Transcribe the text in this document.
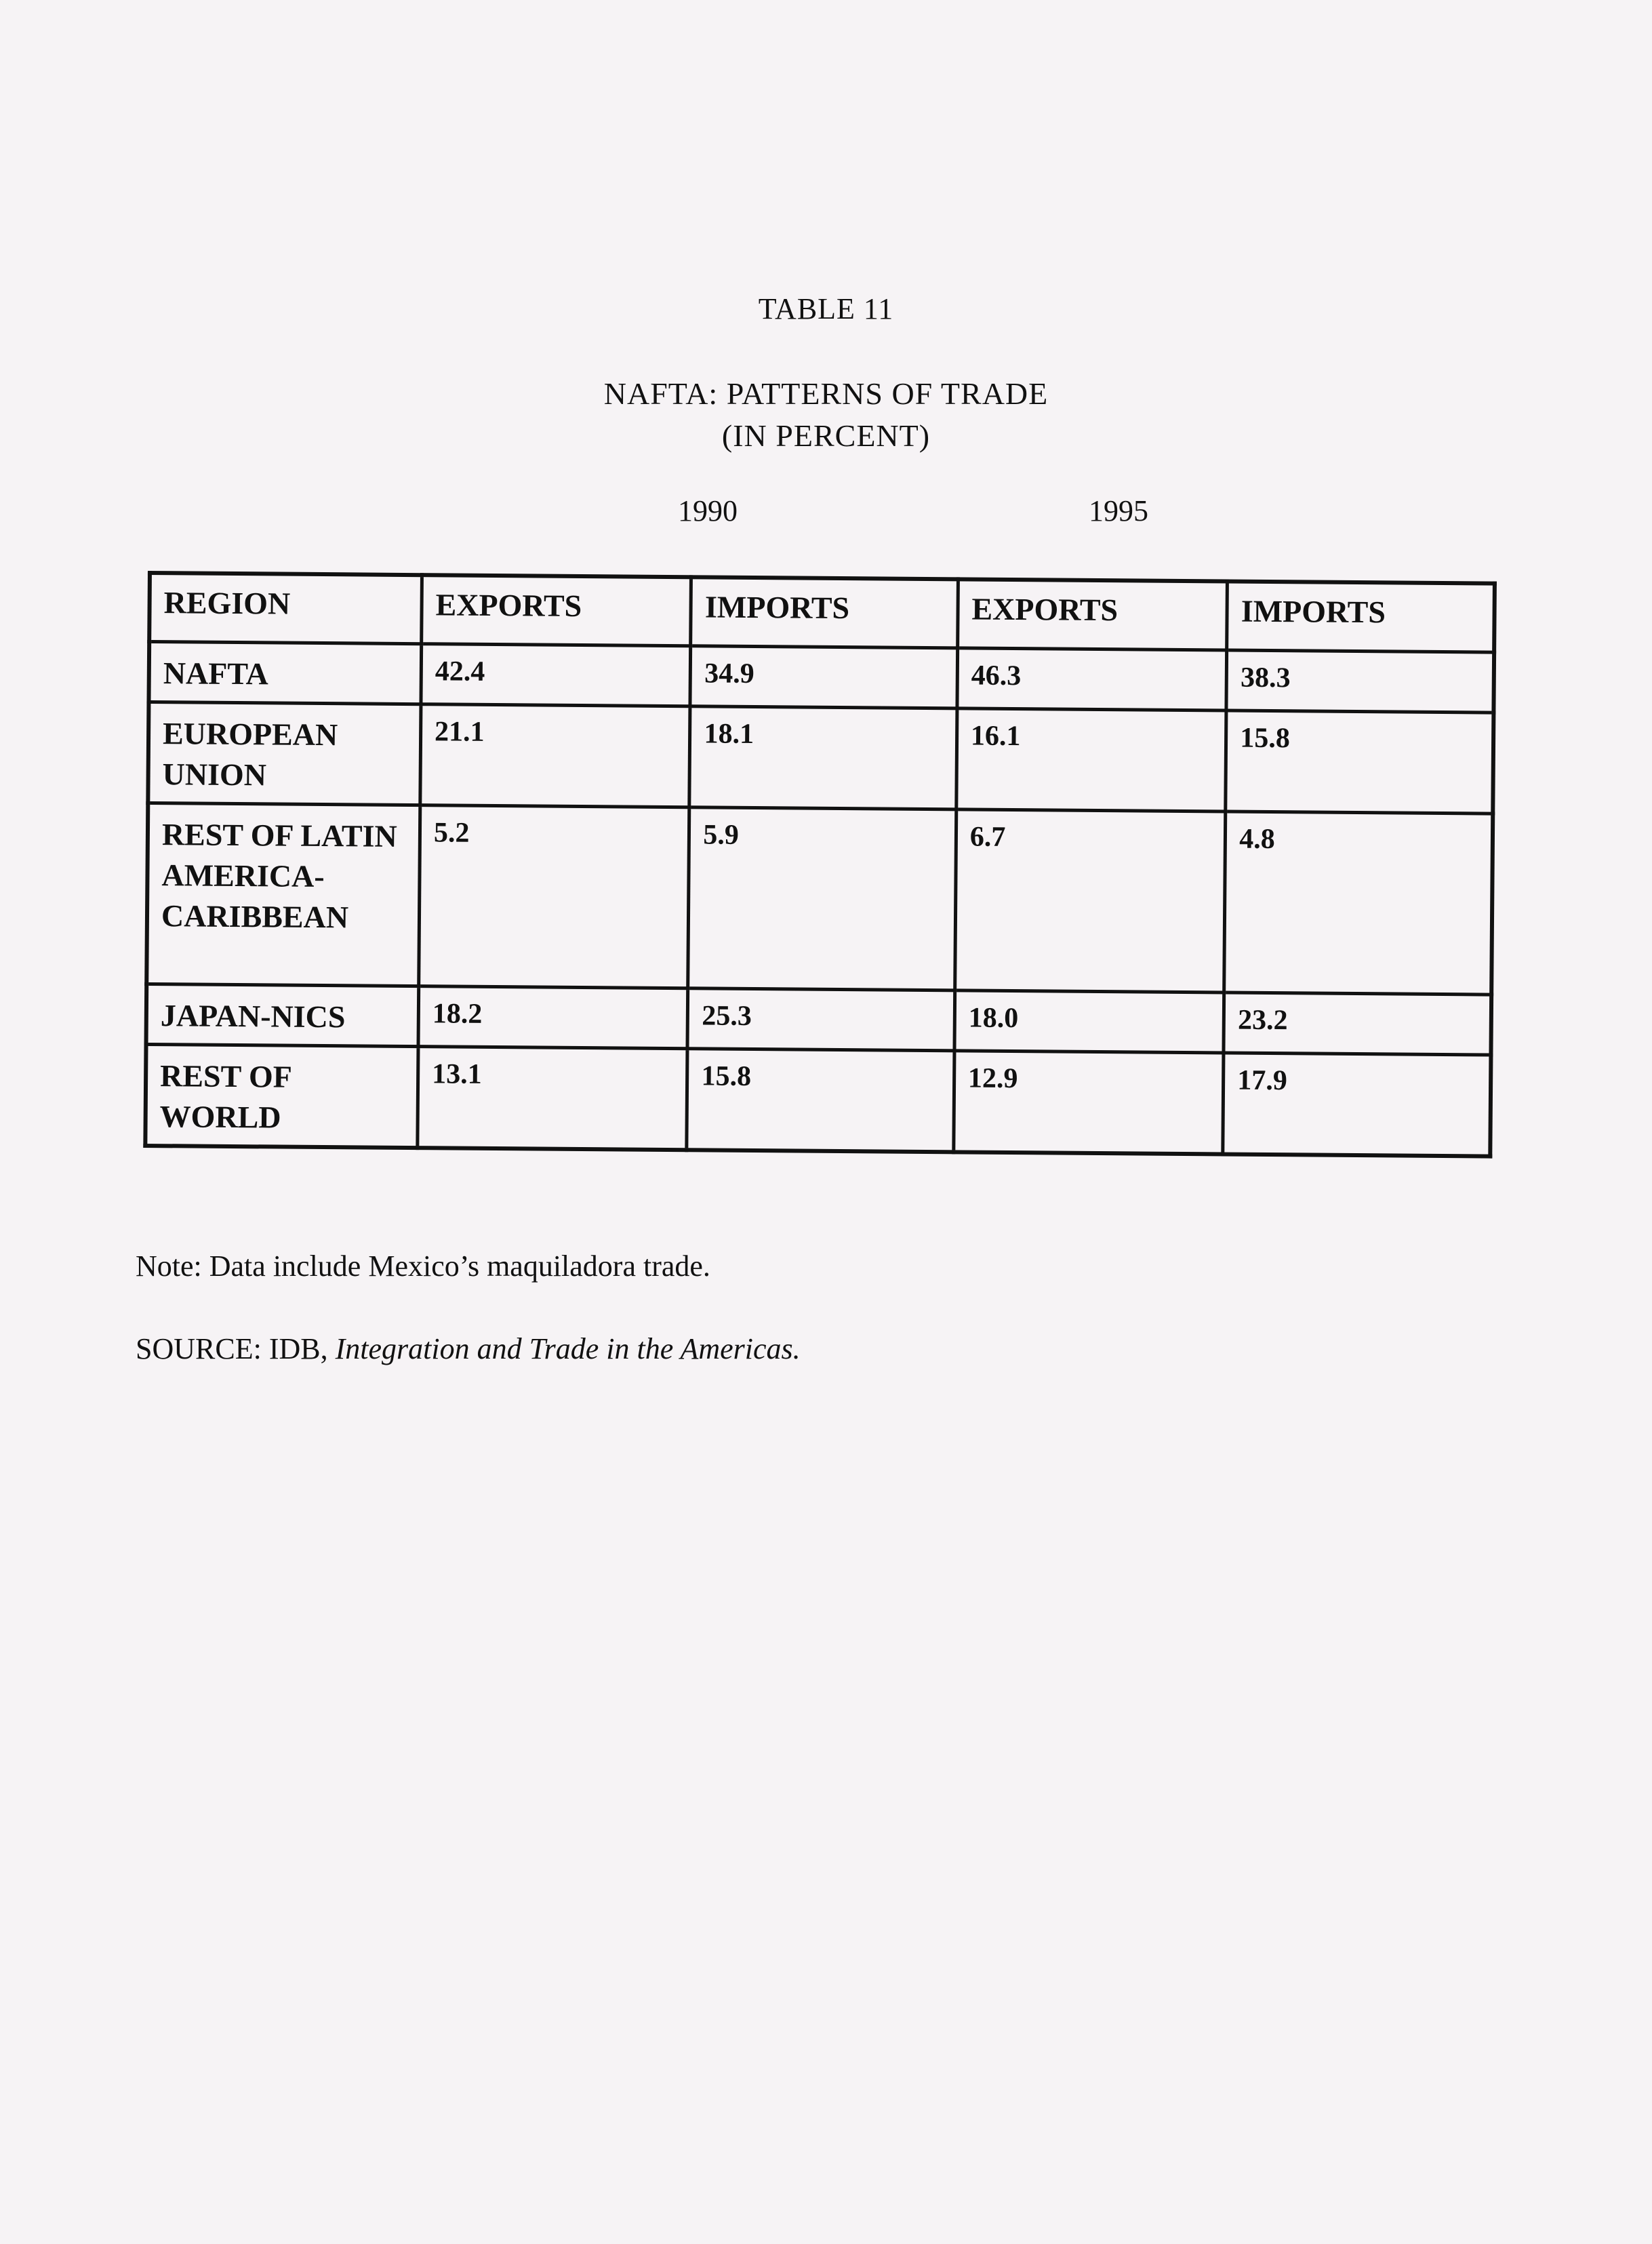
TABLE 11
NAFTA: PATTERNS OF TRADE
(IN PERCENT)
1990	1995
REGION	EXPORTS	IMPORTS	EXPORTS	IMPORTS
NAFTA	42.4	34.9	46.3	38.3
EUROPEAN UNION	21.1	18.1	16.1	15.8
REST OF LATIN AMERICA-CARIBBEAN	5.2	5.9	6.7	4.8
JAPAN-NICS	18.2	25.3	18.0	23.2
REST OF WORLD	13.1	15.8	12.9	17.9
Note: Data include Mexico’s maquiladora trade.
SOURCE: IDB, Integration and Trade in the Americas.
